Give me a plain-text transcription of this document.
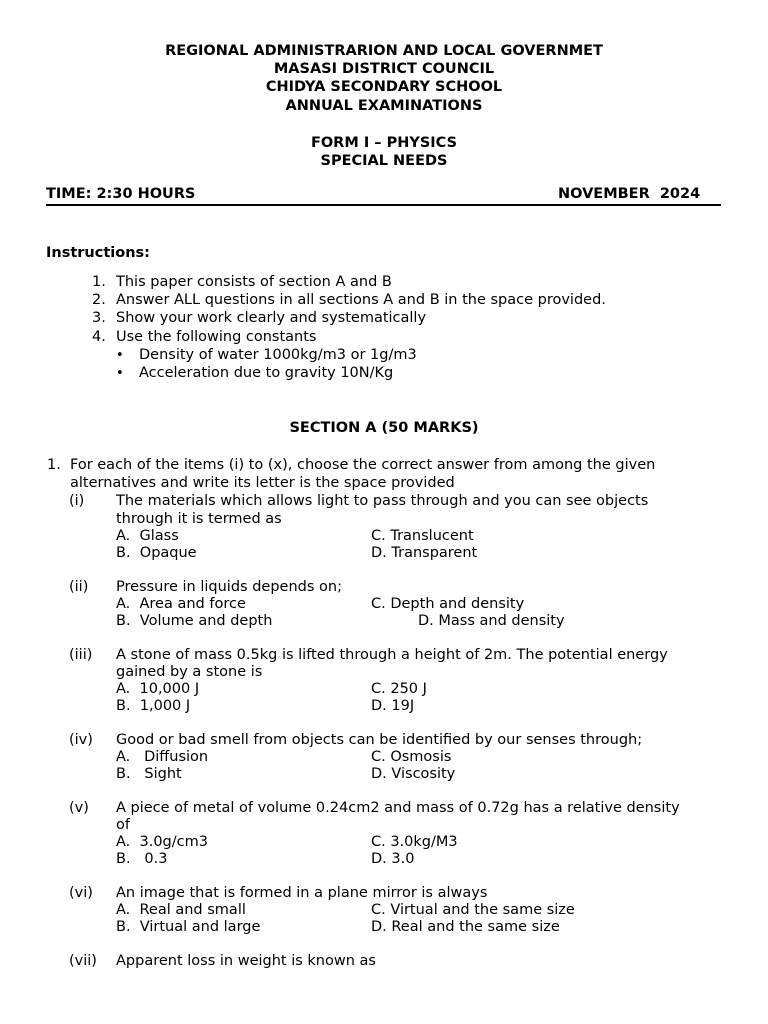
REGIONAL ADMINISTRARION AND LOCAL GOVERNMET
MASASI DISTRICT COUNCIL
CHIDYA SECONDARY SCHOOL
ANNUAL EXAMINATIONS
FORM I – PHYSICS
SPECIAL NEEDS
TIME: 2:30 HOURS	NOVEMBER  2024
Instructions:
1. This paper consists of section A and B
2. Answer ALL questions in all sections A and B in the space provided.
3. Show your work clearly and systematically
4. Use the following constants
• Density of water 1000kg/m3 or 1g/m3
• Acceleration due to gravity 10N/Kg
SECTION A (50 MARKS)
1. For each of the items (i) to (x), choose the correct answer from among the given
alternatives and write its letter is the space provided
(i) The materials which allows light to pass through and you can see objects
through it is termed as
A.  Glass	C. Translucent
B.  Opaque	D. Transparent
(ii) Pressure in liquids depends on;
A.  Area and force	C. Depth and density
B.  Volume and depth	D. Mass and density
(iii) A stone of mass 0.5kg is lifted through a height of 2m. The potential energy
gained by a stone is
A.  10,000 J	C. 250 J
B.  1,000 J	D. 19J
(iv) Good or bad smell from objects can be identified by our senses through;
A.   Diffusion	C. Osmosis
B.   Sight	D. Viscosity
(v) A piece of metal of volume 0.24cm2 and mass of 0.72g has a relative density
of
A.  3.0g/cm3	C. 3.0kg/M3
B.   0.3	D. 3.0
(vi) An image that is formed in a plane mirror is always
A.  Real and small	C. Virtual and the same size
B.  Virtual and large	D. Real and the same size
(vii) Apparent loss in weight is known as
